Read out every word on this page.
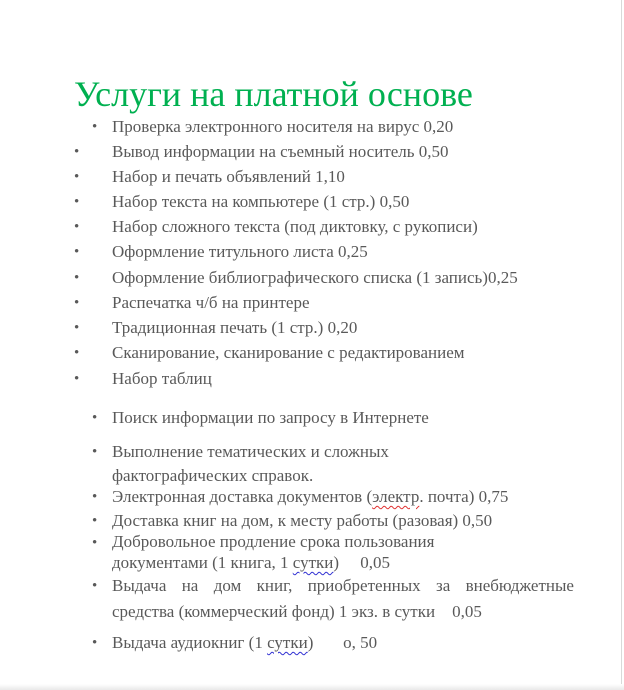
Услуги на платной основе
• Проверка электронного носителя на вирус 0,20
• Вывод информации на съемный носитель 0,50
• Набор и печать объявлений 1,10
• Набор текста на компьютере (1 стр.) 0,50
• Набор сложного текста (под диктовку, с рукописи)
• Оформление титульного листа 0,25
• Оформление библиографического списка (1 запись)0,25
• Распечатка ч/б на принтере
• Традиционная печать (1 стр.) 0,20
• Сканирование, сканирование с редактированием
• Набор таблиц
• Поиск информации по запросу в Интернете
• Выполнение тематических и сложных
фактографических справок.
• Электронная доставка документов (электр. почта) 0,75
• Доставка книг на дом, к месту работы (разовая) 0,50
• Добровольное продление срока пользования
документами (1 книга, 1 сутки)     0,05
• Выдача на дом книг, приобретенных за внебюджетные
средства (коммерческий фонд) 1 экз. в сутки    0,05
• Выдача аудиокниг (1 сутки)       о, 50
